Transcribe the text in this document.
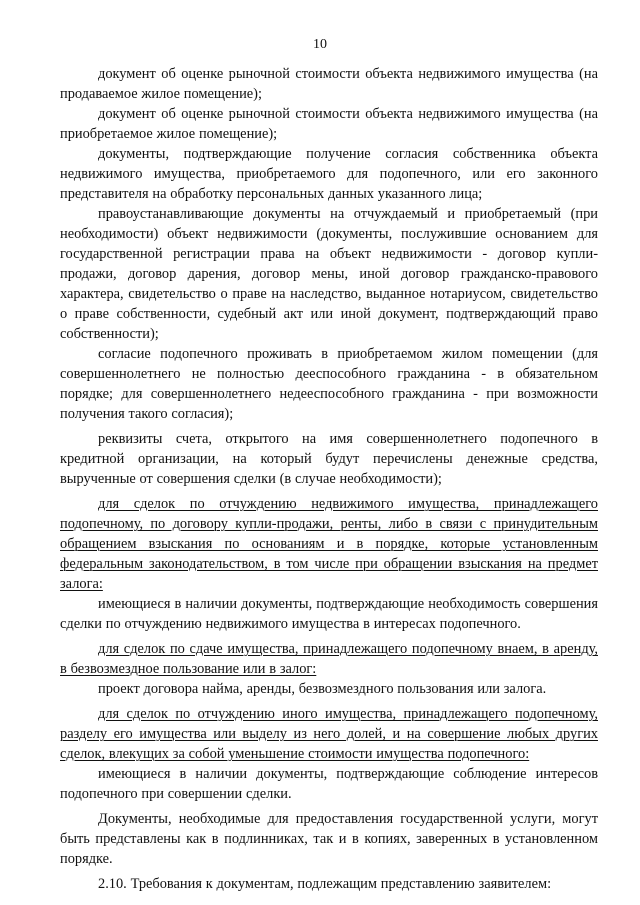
10

документ об оценке рыночной стоимости объекта недвижимого имущества (на продаваемое жилое помещение);

документ об оценке рыночной стоимости объекта недвижимого имущества (на приобретаемое жилое помещение);

документы, подтверждающие получение согласия собственника объекта недвижимого имущества, приобретаемого для подопечного, или его законного представителя на обработку персональных данных указанного лица;

правоустанавливающие документы на отчуждаемый и приобретаемый (при необходимости) объект недвижимости (документы, послужившие основанием для государственной регистрации права на объект недвижимости - договор купли-продажи, договор дарения, договор мены, иной договор гражданско-правового характера, свидетельство о праве на наследство, выданное нотариусом, свидетельство о праве собственности, судебный акт или иной документ, подтверждающий право собственности);

согласие подопечного проживать в приобретаемом жилом помещении (для совершеннолетнего не полностью дееспособного гражданина - в обязательном порядке; для совершеннолетнего недееспособного гражданина - при возможности получения такого согласия);

реквизиты счета, открытого на имя совершеннолетнего подопечного в кредитной организации, на который будут перечислены денежные средства, вырученные от совершения сделки (в случае необходимости);

для сделок по отчуждению недвижимого имущества, принадлежащего подопечному, по договору купли-продажи, ренты, либо в связи с принудительным обращением взыскания по основаниям и в порядке, которые установленным федеральным законодательством, в том числе при обращении взыскания на предмет залога:

имеющиеся в наличии документы, подтверждающие необходимость совершения сделки по отчуждению недвижимого имущества в интересах подопечного.

для сделок по сдаче имущества, принадлежащего подопечному внаем, в аренду, в безвозмездное пользование или в залог:

проект договора найма, аренды, безвозмездного пользования или залога.

для сделок по отчуждению иного имущества, принадлежащего подопечному, разделу его имущества или выделу из него долей, и на совершение любых других сделок, влекущих за собой уменьшение стоимости имущества подопечного:

имеющиеся в наличии документы, подтверждающие соблюдение интересов подопечного при совершении сделки.

Документы, необходимые для предоставления государственной услуги, могут быть представлены как в подлинниках, так и в копиях, заверенных в установленном порядке.

2.10. Требования к документам, подлежащим представлению заявителем:
